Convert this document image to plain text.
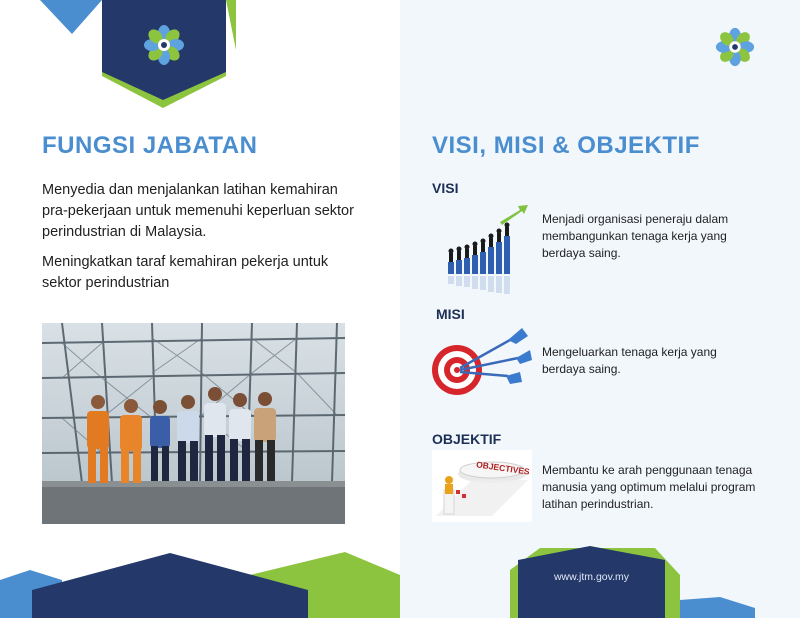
FUNGSI JABATAN

Menyedia dan menjalankan latihan kemahiran pra-pekerjaan untuk memenuhi keperluan sektor perindustrian di Malaysia.

Meningkatkan taraf kemahiran pekerja untuk sektor perindustrian

VISI, MISI & OBJEKTIF

VISI

Menjadi organisasi peneraju dalam membangunkan tenaga kerja yang berdaya saing.

MISI

Mengeluarkan tenaga kerja yang berdaya saing.

OBJEKTIF

OBJECTIVES Membantu ke arah penggunaan tenaga manusia yang optimum melalui program latihan perindustrian.

www.jtm.gov.my
